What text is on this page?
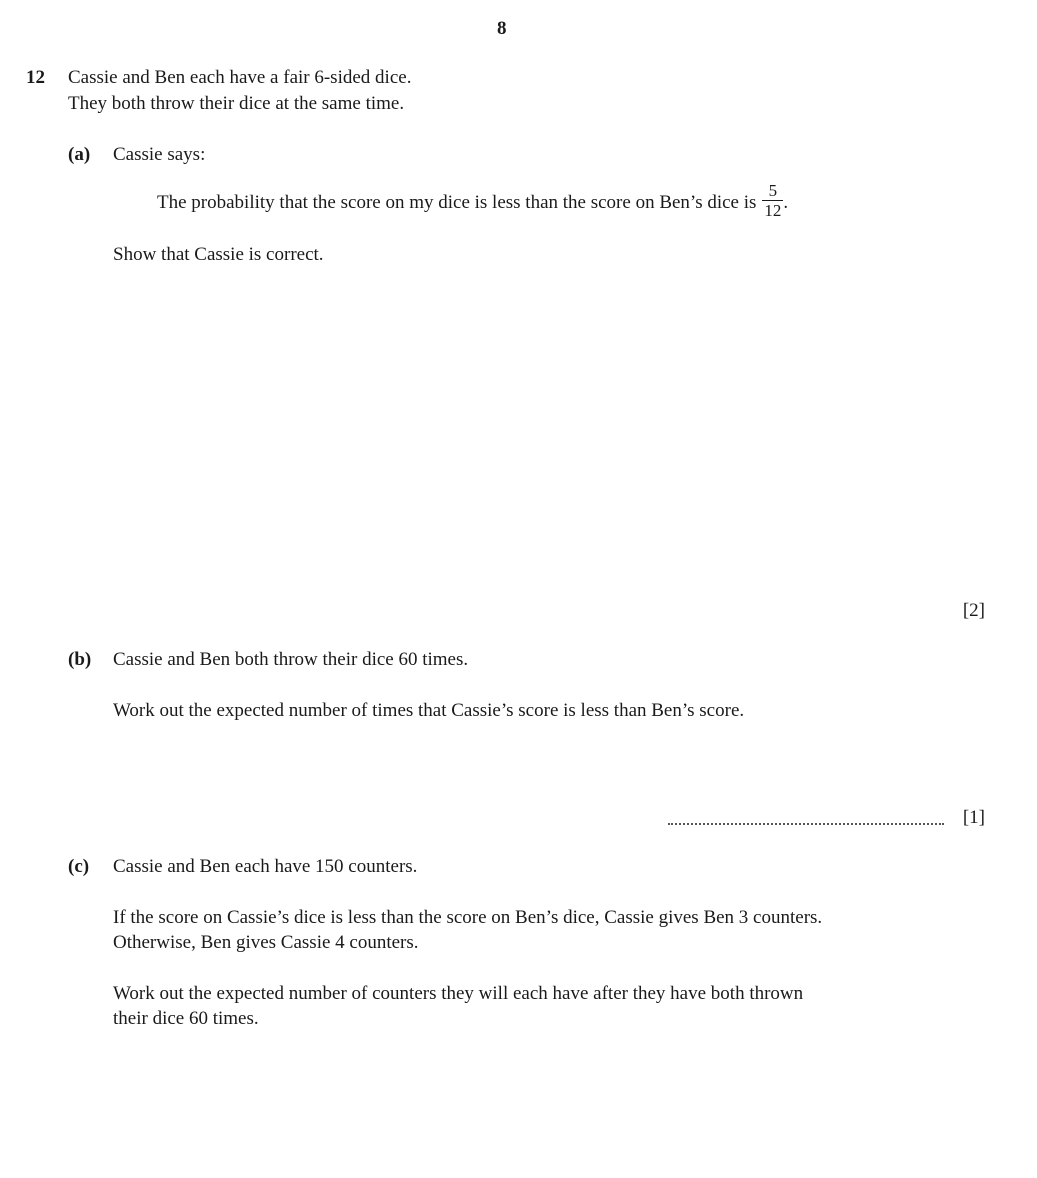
8
12 Cassie and Ben each have a fair 6-sided dice.
They both throw their dice at the same time.
(a) Cassie says:
The probability that the score on my dice is less than the score on Ben’s dice is $\frac{5}{12}$ .
Show that Cassie is correct.
[2]
(b) Cassie and Ben both throw their dice 60 times.
Work out the expected number of times that Cassie’s score is less than Ben’s score.
[1]
(c) Cassie and Ben each have 150 counters.
If the score on Cassie’s dice is less than the score on Ben’s dice, Cassie gives Ben 3 counters.
Otherwise, Ben gives Cassie 4 counters.
Work out the expected number of counters they will each have after they have both thrown
their dice 60 times.
